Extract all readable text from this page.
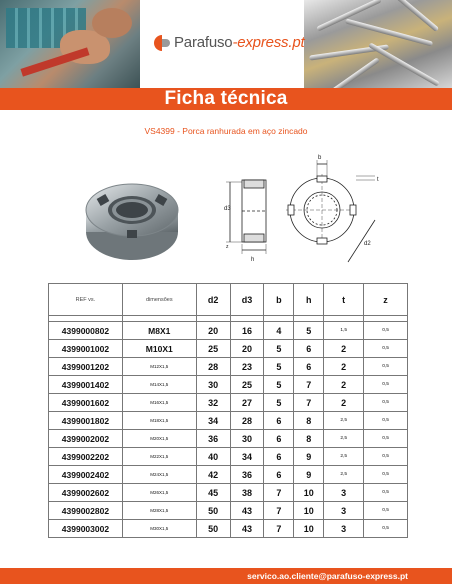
Parafuso-express.pt
Ficha técnica
VS4399 - Porca ranhurada em aço zincado
d3
h
z
b
t
d2
REF vs.	dimensões	d2	d3	b	h	t	z

4399000802	M8X1	20	16	4	5	1,5	0,5
4399001002	M10X1	25	20	5	6	2	0,5
4399001202	M12X1,5	28	23	5	6	2	0,5
4399001402	M14X1,5	30	25	5	7	2	0,5
4399001602	M16X1,5	32	27	5	7	2	0,5
4399001802	M18X1,5	34	28	6	8	2,5	0,5
4399002002	M20X1,5	36	30	6	8	2,5	0,5
4399002202	M22X1,5	40	34	6	9	2,5	0,5
4399002402	M24X1,5	42	36	6	9	2,5	0,5
4399002602	M26X1,5	45	38	7	10	3	0,5
4399002802	M28X1,5	50	43	7	10	3	0,5
4399003002	M30X1,5	50	43	7	10	3	0,5
servico.ao.cliente@parafuso-express.pt
